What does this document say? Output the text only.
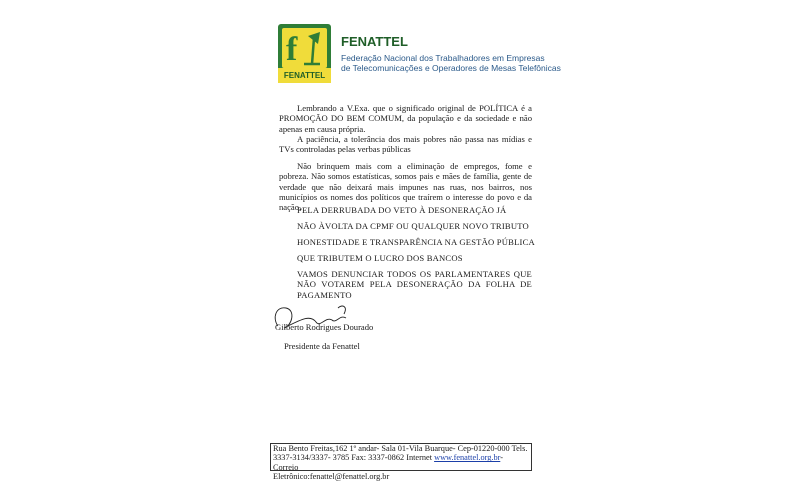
f
FENATTEL
FENATTEL
Federação Nacional dos Trabalhadores em Empresas
de Telecomunicações e Operadores de Mesas Telefônicas
Lembrando a V.Exa. que o significado original de POLÍTICA é a PROMOÇÃO DO BEM COMUM, da população e da sociedade e não apenas em causa própria.
A paciência, a tolerância dos mais pobres não passa nas mídias e TVs controladas pelas verbas públicas
Não brinquem mais com a eliminação de empregos, fome e pobreza. Não somos estatísticas, somos pais e mães de família, gente de verdade que não deixará mais impunes nas ruas, nos bairros, nos municípios os nomes dos políticos que traírem o interesse do povo e da nação.
PELA DERRUBADA DO VETO À DESONERAÇÃO JÁ
NÃO ÀVOLTA DA CPMF OU QUALQUER NOVO TRIBUTO
HONESTIDADE E TRANSPARÊNCIA NA GESTÃO PÚBLICA
QUE TRIBUTEM O LUCRO DOS BANCOS
VAMOS DENUNCIAR TODOS OS PARLAMENTARES QUE NÃO VOTAREM PELA DESONERAÇÃO DA FOLHA DE PAGAMENTO
Gilberto Rodrigues Dourado
Presidente da Fenattel
Rua Bento Freitas,162 1º andar- Sala 01-Vila Buarque- Cep-01220-000 Tels.
3337-3134/3337- 3785 Fax: 3337-0862 Internet www.fenattel.org.br- Correio
Eletrônico:fenattel@fenattel.org.br
